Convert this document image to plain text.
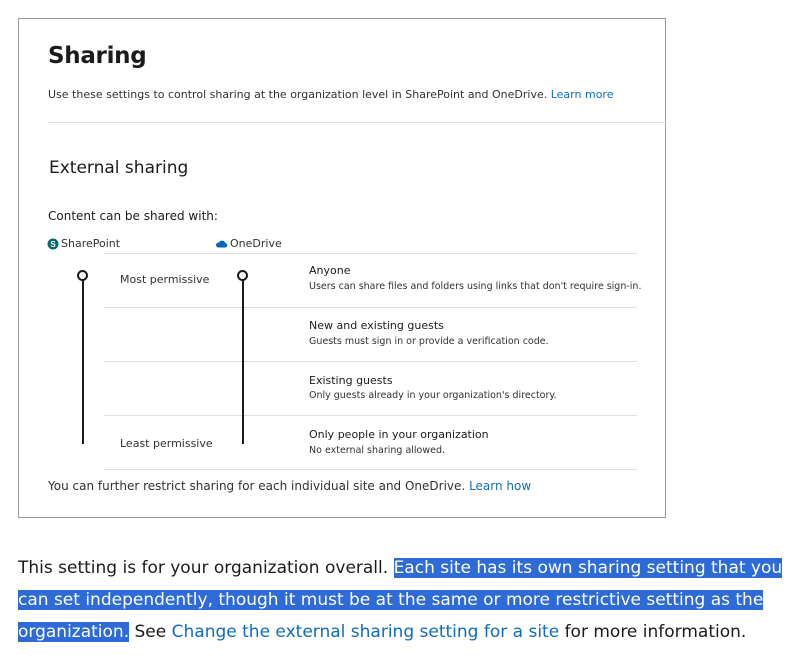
Sharing
Use these settings to control sharing at the organization level in SharePoint and OneDrive. Learn more
External sharing
Content can be shared with:
S SharePoint	OneDrive
Most permissive
Least permissive
Anyone
Users can share files and folders using links that don't require sign-in.
New and existing guests
Guests must sign in or provide a verification code.
Existing guests
Only guests already in your organization's directory.
Only people in your organization
No external sharing allowed.
You can further restrict sharing for each individual site and OneDrive. Learn how
This setting is for your organization overall. Each site has its own sharing setting that you can set independently, though it must be at the same or more restrictive setting as the organization. See Change the external sharing setting for a site for more information.
